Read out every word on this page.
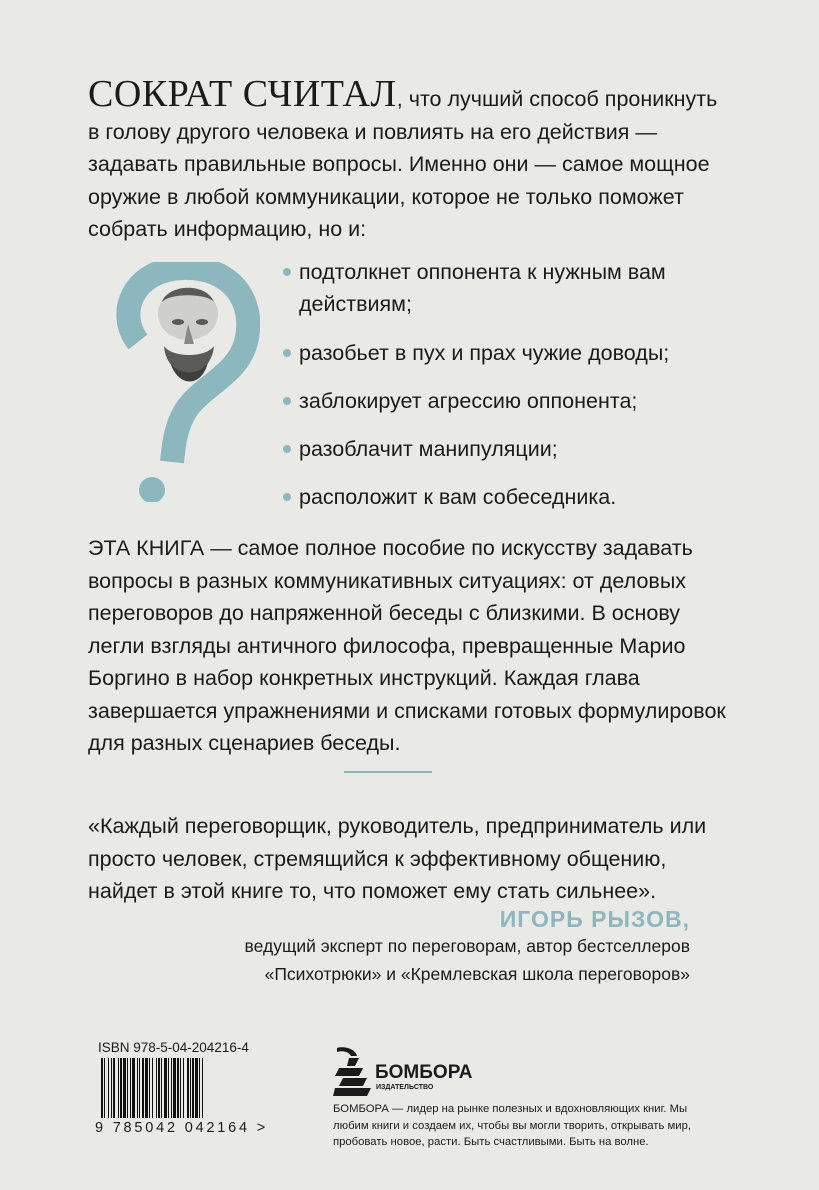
СОКРАТ СЧИТАЛ, что лучший способ проникнуть в голову другого человека и повлиять на его действия — задавать правильные вопросы. Именно они — самое мощное оружие в любой коммуникации, которое не только поможет собрать информацию, но и:
подтолкнет оппонента к нужным вам действиям;
разобьет в пух и прах чужие доводы;
заблокирует агрессию оппонента;
разоблачит манипуляции;
расположит к вам собеседника.

ЭТА КНИГА — самое полное пособие по искусству задавать вопросы в разных коммуникативных ситуациях: от деловых переговоров до напряженной беседы с близкими. В основу легли взгляды античного философа, превращенные Марио Боргино в набор конкретных инструкций. Каждая глава завершается упражнениями и списками готовых формулировок для разных сценариев беседы.

«Каждый переговорщик, руководитель, предприниматель или просто человек, стремящийся к эффективному общению, найдет в этой книге то, что поможет ему стать сильнее».

ИГОРЬ РЫЗОВ,
ведущий эксперт по переговорам, автор бестселлеров
«Психотрюки» и «Кремлевская школа переговоров»
ISBN 978-5-04-204216-4
9 785042 042164 >
БОМБОРА
ИЗДАТЕЛЬСТВО

БОМБОРА — лидер на рынке полезных и вдохновляющих книг. Мы любим книги и создаем их, чтобы вы могли творить, открывать мир, пробовать новое, расти. Быть счастливыми. Быть на волне.
